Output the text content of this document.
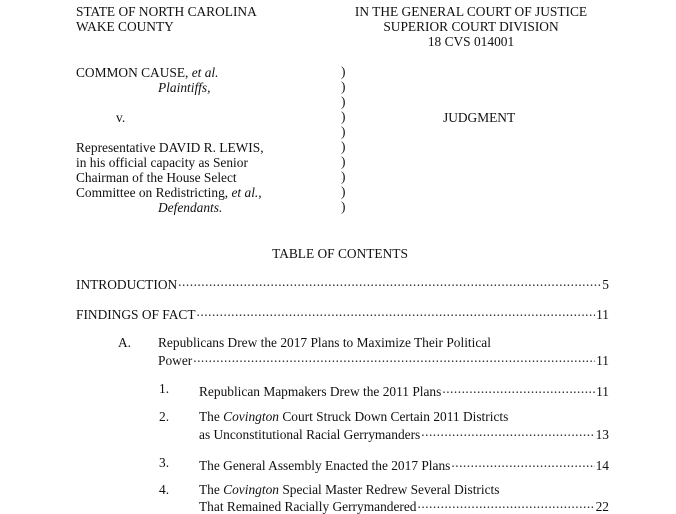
STATE OF NORTH CAROLINA
WAKE COUNTY
IN THE GENERAL COURT OF JUSTICE
SUPERIOR COURT DIVISION
18 CVS 014001
COMMON CAUSE, et al.
Plaintiffs,
v.
Representative DAVID R. LEWIS,
in his official capacity as Senior
Chairman of the House Select
Committee on Redistricting, et al.,
Defendants.
)
)
)
)
)
)
)
)
)
)
JUDGMENT
TABLE OF CONTENTS
INTRODUCTION .....	5
FINDINGS OF FACT .....	11
A. Republicans Drew the 2017 Plans to Maximize Their Political
Power .....	11
1. Republican Mapmakers Drew the 2011 Plans .....	11
2. The Covington Court Struck Down Certain 2011 Districts
as Unconstitutional Racial Gerrymanders .....	13
3. The General Assembly Enacted the 2017 Plans .....	14
4. The Covington Special Master Redrew Several Districts
That Remained Racially Gerrymandered .....	22
